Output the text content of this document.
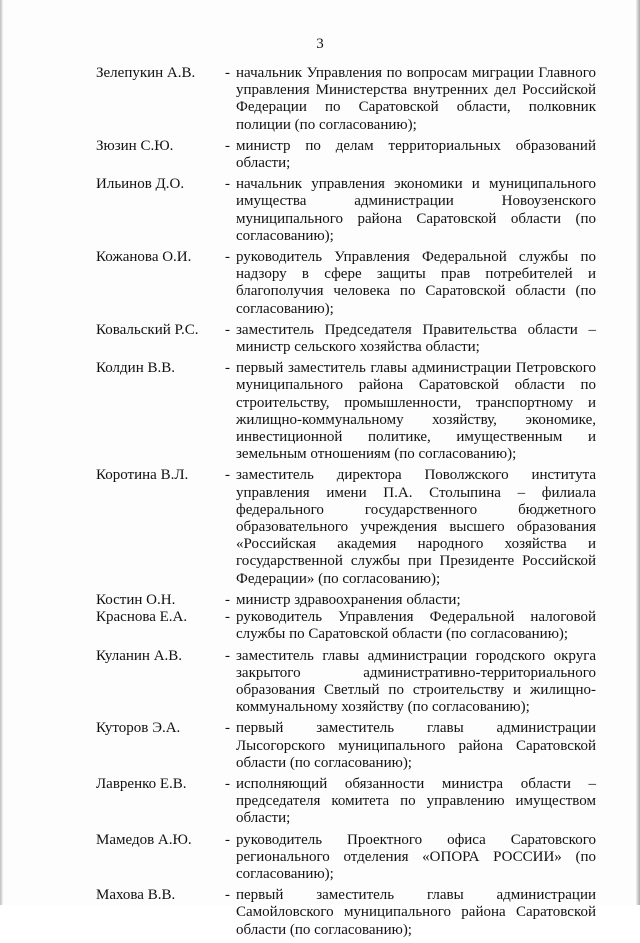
3
Зелепукин А.В.	- начальник Управления по вопросам миграции Главного управления Министерства внутренних дел Российской Федерации по Саратовской области, полковник полиции (по согласованию);
Зюзин С.Ю.	- министр по делам территориальных образований области;
Ильинов Д.О.	- начальник управления экономики и муниципального имущества администрации Новоузенского муниципального района Саратовской области (по согласованию);
Кожанова О.И.	- руководитель Управления Федеральной службы по надзору в сфере защиты прав потребителей и благополучия человека по Саратовской области (по согласованию);
Ковальский Р.С.	- заместитель Председателя Правительства области – министр сельского хозяйства области;
Колдин В.В.	- первый заместитель главы администрации Петровского муниципального района Саратовской области по строительству, промышленности, транспортному и жилищно-коммунальному хозяйству, экономике, инвестиционной политике, имущественным и земельным отношениям (по согласованию);
Коротина В.Л.	- заместитель директора Поволжского института управления имени П.А. Столыпина – филиала федерального государственного бюджетного образовательного учреждения высшего образования «Российская академия народного хозяйства и государственной службы при Президенте Российской Федерации» (по согласованию);
Костин О.Н.	- министр здравоохранения области;
Краснова Е.А.	- руководитель Управления Федеральной налоговой службы по Саратовской области (по согласованию);
Куланин А.В.	- заместитель главы администрации городского округа закрытого административно-территориального образования Светлый по строительству и жилищно-коммунальному хозяйству (по согласованию);
Куторов Э.А.	- первый заместитель главы администрации Лысогорского муниципального района Саратовской области (по согласованию);
Лавренко Е.В.	- исполняющий обязанности министра области – председателя комитета по управлению имуществом области;
Мамедов А.Ю.	- руководитель Проектного офиса Саратовского регионального отделения «ОПОРА РОССИИ» (по согласованию);
Махова В.В.	- первый заместитель главы администрации Самойловского муниципального района Саратовской области (по согласованию);
